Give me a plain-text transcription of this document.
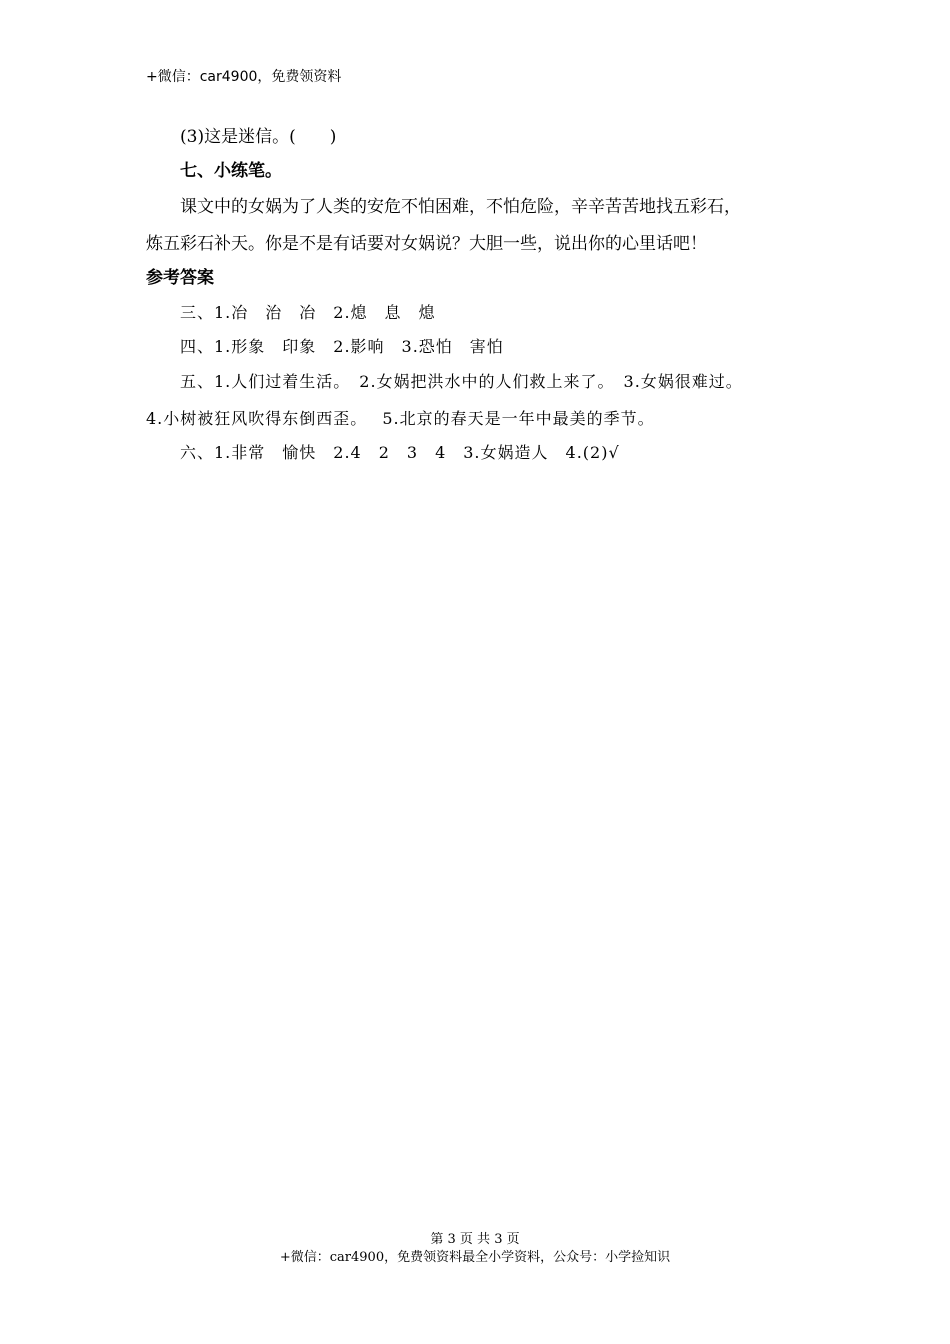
+微信：car4900，免费领资料
(3)这是迷信。(　　)
七、小练笔。
课文中的女娲为了人类的安危不怕困难，不怕危险，辛辛苦苦地找五彩石，
炼五彩石补天。你是不是有话要对女娲说？大胆一些，说出你的心里话吧！
参考答案
三、1.冶　治　冶　2.熄　息　熄
四、1.形象　印象　2.影响　3.恐怕　害怕
五、1.人们过着生活。　2.女娲把洪水中的人们救上来了。　3.女娲很难过。
4.小树被狂风吹得东倒西歪。　 5.北京的春天是一年中最美的季节。
六、1.非常　愉快　2.4　2　3　4　3.女娲造人　4.(2)√
第 3 页 共 3 页
+微信：car4900，免费领资料最全小学资料，公众号：小学捡知识
